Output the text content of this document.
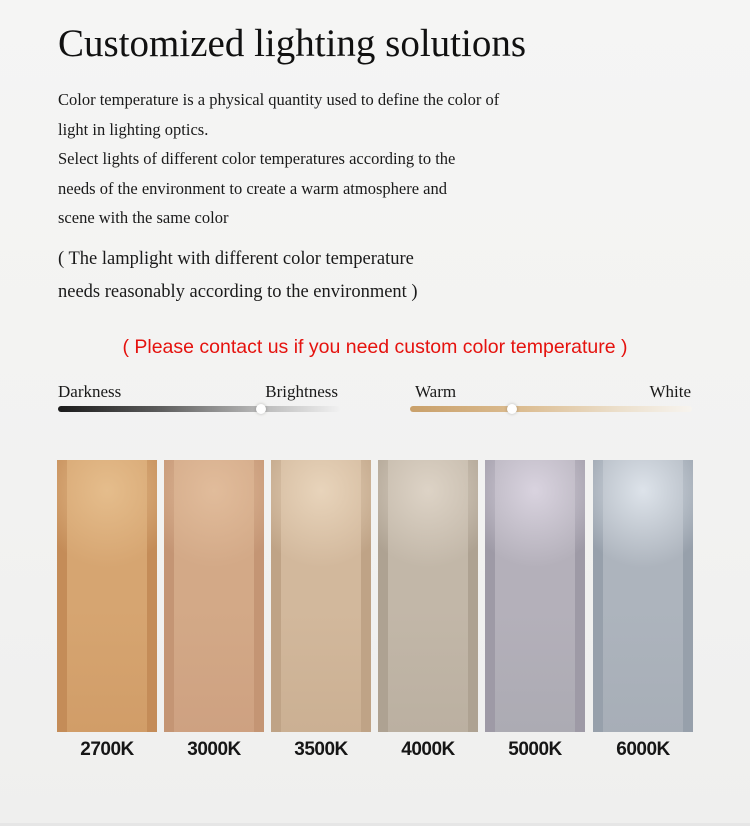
Customized lighting solutions
Color temperature is a physical quantity used to define the color of
light in lighting optics.
Select lights of different color temperatures according to the
needs of the environment to create a warm atmosphere and
scene with the same color
( The lamplight with different color temperature
needs reasonably according to the environment )
( Please contact us if you need custom color temperature )
Darkness	Brightness	Warm	White
2700K	3000K	3500K	4000K	5000K	6000K
